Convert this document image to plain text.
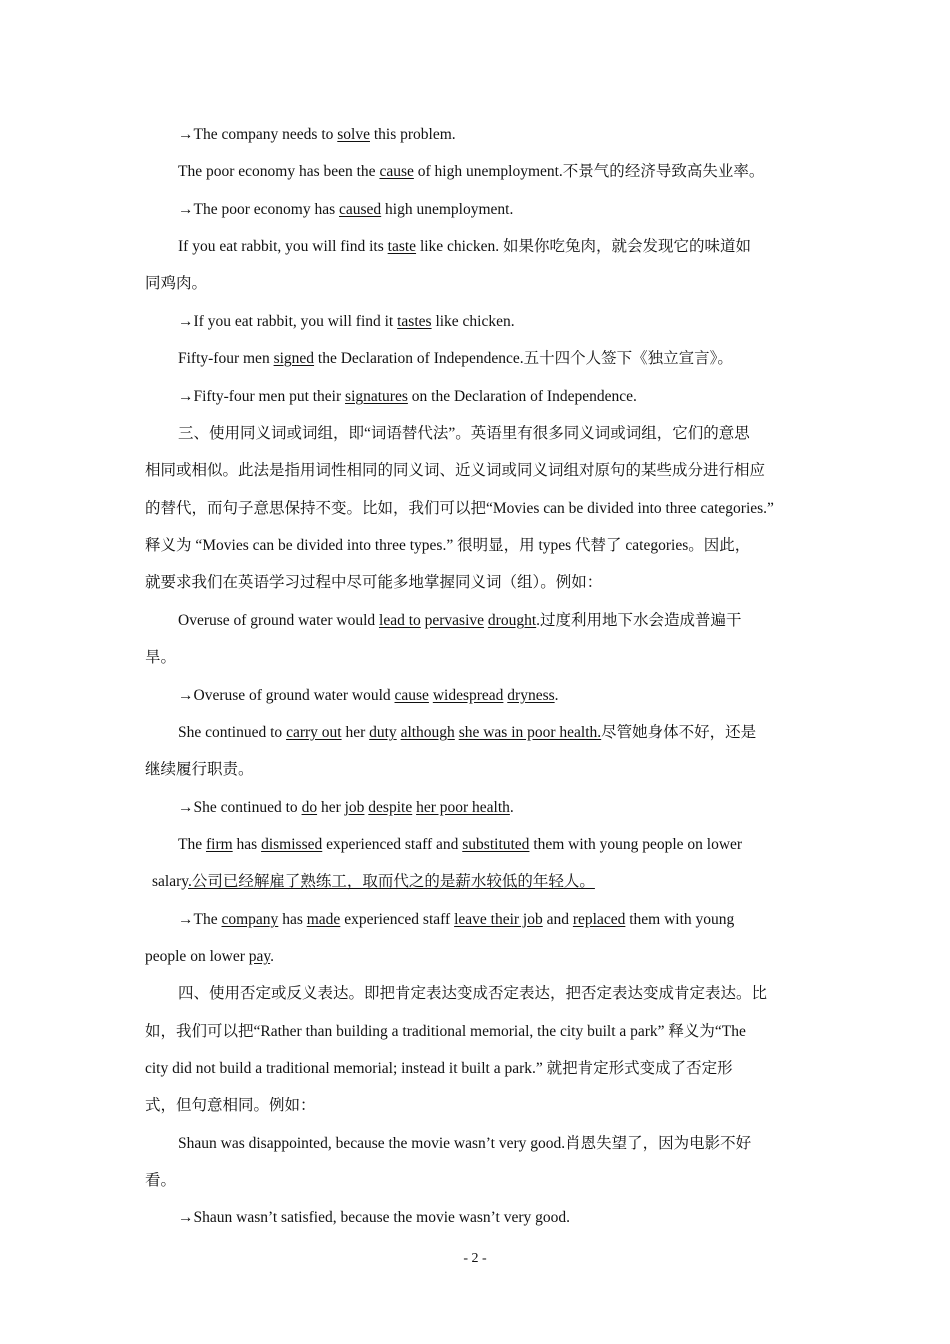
→The company needs to solve this problem.
The poor economy has been the cause of high unemployment.不景气的经济导致高失业率。
→The poor economy has caused high unemployment.
If you eat rabbit, you will find its taste like chicken. 如果你吃兔肉，就会发现它的味道如
同鸡肉。
→If you eat rabbit, you will find it tastes like chicken.
Fifty-four men signed the Declaration of Independence.五十四个人签下《独立宣言》。
→Fifty-four men put their signatures on the Declaration of Independence.
三、使用同义词或词组，即“词语替代法”。英语里有很多同义词或词组，它们的意思
相同或相似。此法是指用词性相同的同义词、近义词或同义词组对原句的某些成分进行相应
的替代，而句子意思保持不变。比如，我们可以把“Movies can be divided into three categories.”
释义为 “Movies can be divided into three types.” 很明显，用 types 代替了 categories。因此，
就要求我们在英语学习过程中尽可能多地掌握同义词（组）。例如：
Overuse of ground water would lead to pervasive drought.过度利用地下水会造成普遍干
旱。
→Overuse of ground water would cause widespread dryness.
She continued to carry out her duty although she was in poor health.尽管她身体不好，还是
继续履行职责。
→She continued to do her job despite her poor health.
The firm has dismissed experienced staff and substituted them with young people on lower
salary.公司已经解雇了熟练工，取而代之的是薪水较低的年轻人。
→The company has made experienced staff leave their job and replaced them with young
people on lower pay.
四、使用否定或反义表达。即把肯定表达变成否定表达，把否定表达变成肯定表达。比
如，我们可以把“Rather than building a traditional memorial, the city built a park” 释义为“The
city did not build a traditional memorial; instead it built a park.” 就把肯定形式变成了否定形
式，但句意相同。例如：
Shaun was disappointed, because the movie wasn’t very good.肖恩失望了，因为电影不好
看。
→Shaun wasn’t satisfied, because the movie wasn’t very good.
- 2 -
